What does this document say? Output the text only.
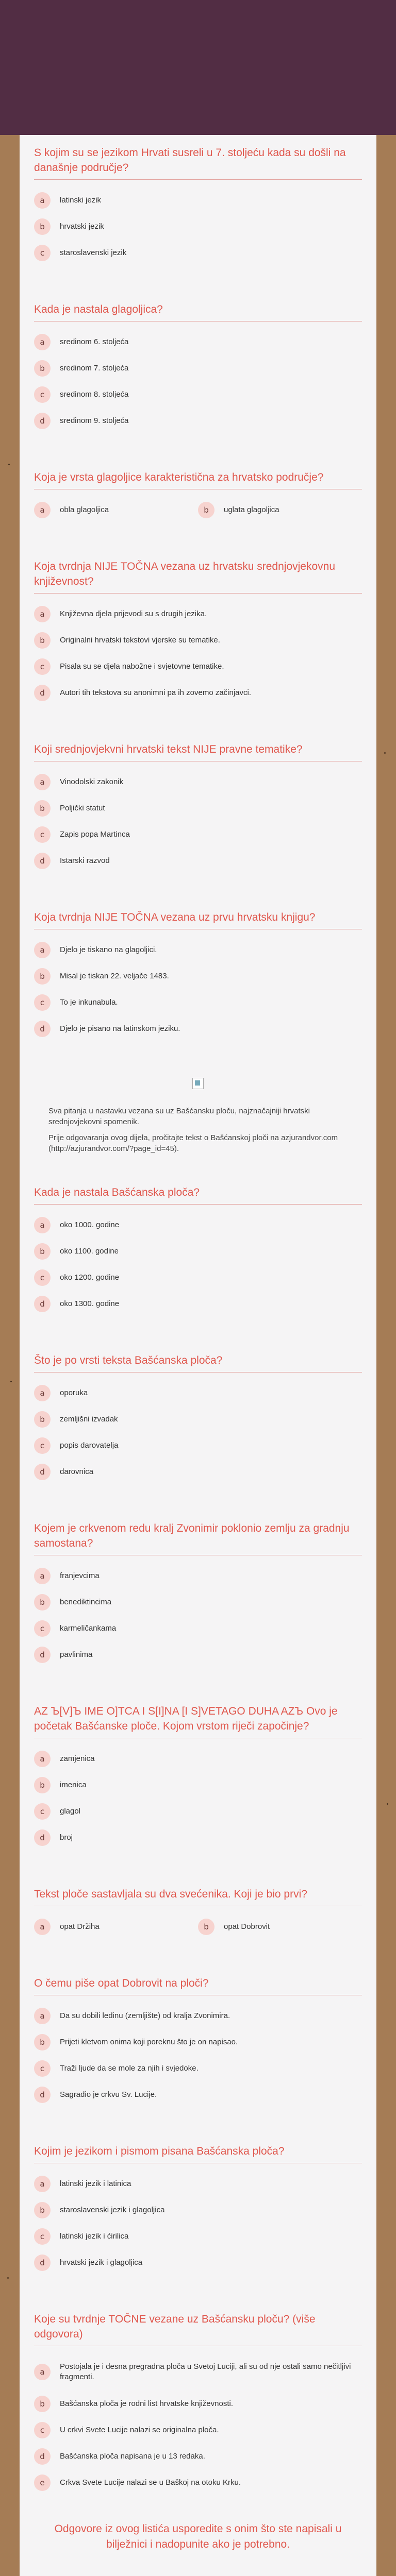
S kojim su se jezikom Hrvati susreli u 7. stoljeću kada su došli na današnje područje?
a	latinski jezik
b	hrvatski jezik
c	staroslavenski jezik
Kada je nastala glagoljica?
a	sredinom 6. stoljeća
b	sredinom 7. stoljeća
c	sredinom 8. stoljeća
d	sredinom 9. stoljeća
Koja je vrsta glagoljice karakteristična za hrvatsko područje?
a	obla glagoljica	b	uglata glagoljica
Koja tvrdnja NIJE TOČNA vezana uz hrvatsku srednjovjekovnu književnost?
a	Književna djela prijevodi su s drugih jezika.
b	Originalni hrvatski tekstovi vjerske su tematike.
c	Pisala su se djela nabožne i svjetovne tematike.
d	Autori tih tekstova su anonimni pa ih zovemo začinjavci.
Koji srednjovjekvni hrvatski tekst NIJE pravne tematike?
a	Vinodolski zakonik
b	Poljički statut
c	Zapis popa Martinca
d	Istarski razvod
Koja tvrdnja NIJE TOČNA vezana uz prvu hrvatsku knjigu?
a	Djelo je tiskano na glagoljici.
b	Misal je tiskan 22. veljače 1483.
c	To je inkunabula.
d	Djelo je pisano na latinskom jeziku.

Sva pitanja u nastavku vezana su uz Bašćansku ploču, najznačajniji hrvatski srednjovjekovni spomenik.

Prije odgovaranja ovog dijela, pročitajte tekst o Bašćanskoj ploči na azjurandvor.com (http://azjurandvor.com/?page_id=45).

Kada je nastala Bašćanska ploča?
a	oko 1000. godine
b	oko 1100. godine
c	oko 1200. godine
d	oko 1300. godine
Što je po vrsti teksta Bašćanska ploča?
a	oporuka
b	zemljišni izvadak
c	popis darovatelja
d	darovnica
Kojem je crkvenom redu kralj Zvonimir poklonio zemlju za gradnju samostana?
a	franjevcima
b	benediktincima
c	karmeličankama
d	pavlinima
AZ Ъ[V]Ъ IME O]TCA I S[I]NA [I S]VETAGO DUHA AZЪ Ovo je početak Bašćanske ploče. Kojom vrstom riječi započinje?
a	zamjenica
b	imenica
c	glagol
d	broj
Tekst ploče sastavljala su dva svećenika. Koji je bio prvi?
a	opat Držiha	b	opat Dobrovit
O čemu piše opat Dobrovit na ploči?
a	Da su dobili ledinu (zemljište) od kralja Zvonimira.
b	Prijeti kletvom onima koji poreknu što je on napisao.
c	Traži ljude da se mole za njih i svjedoke.
d	Sagradio je crkvu Sv. Lucije.
Kojim je jezikom i pismom pisana Bašćanska ploča?
a	latinski jezik i latinica
b	staroslavenski jezik i glagoljica
c	latinski jezik i ćirilica
d	hrvatski jezik i glagoljica
Koje su tvrdnje TOČNE vezane uz Bašćansku ploču? (više odgovora)
a
Postojala je i desna pregradna ploča u Svetoj Luciji, ali su od nje ostali samo nečitljivi fragmenti.
b	Bašćanska ploča je rodni list hrvatske književnosti.
c	U crkvi Svete Lucije nalazi se originalna ploča.
d	Bašćanska ploča napisana je u 13 redaka.
e	Crkva Svete Lucije nalazi se u Baškoj na otoku Krku.
Odgovore iz ovog listića usporedite s onim što ste napisali u bilježnici i nadopunite ako je potrebno.
